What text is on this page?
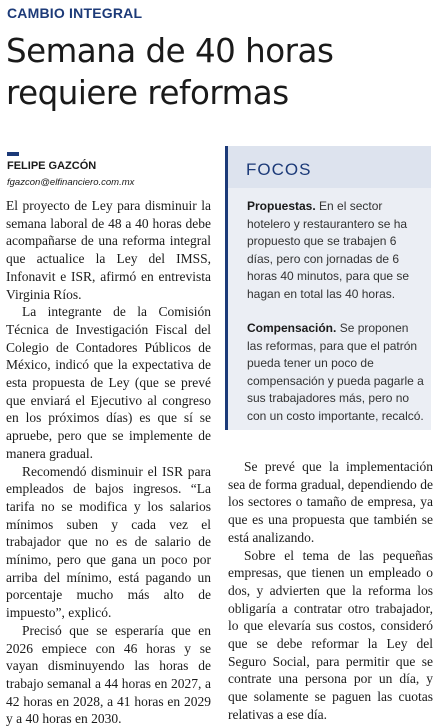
CAMBIO INTEGRAL
Semana de 40 horas requiere reformas
FELIPE GAZCÓN
fgazcon@elfinanciero.com.mx

El proyecto de Ley para disminuir la semana laboral de 48 a 40 horas debe acompañarse de una reforma integral que actualice la Ley del IMSS, Infonavit e ISR, afirmó en entrevista Virginia Ríos.

La integrante de la Comisión Técnica de Investigación Fiscal del Colegio de Contadores Públicos de México, indicó que la expectativa de esta propuesta de Ley (que se prevé que enviará el Ejecutivo al congreso en los próximos días) es que sí se apruebe, pero que se implemente de manera gradual.

Recomendó disminuir el ISR para empleados de bajos ingresos. “La tarifa no se modifica y los salarios mínimos suben y cada vez el trabajador que no es de salario de mínimo, pero que gana un poco por arriba del mínimo, está pagando un porcentaje mucho más alto de impuesto”, explicó.

Precisó que se esperaría que en 2026 empiece con 46 horas y se vayan disminuyendo las horas de trabajo semanal a 44 horas en 2027, a 42 horas en 2028, a 41 horas en 2029 y a 40 horas en 2030.

FOCOS

Propuestas. En el sector hotelero y restaurantero se ha propuesto que se trabajen 6 días, pero con jornadas de 6 horas 40 minutos, para que se hagan en total las 40 horas.

Compensación. Se proponen las reformas, para que el patrón pueda tener un poco de compensación y pueda pagarle a sus trabajadores más, pero no con un costo importante, recalcó.

Se prevé que la implementación sea de forma gradual, dependiendo de los sectores o tamaño de empresa, ya que es una propuesta que también se está analizando.

Sobre el tema de las pequeñas empresas, que tienen un empleado o dos, y advierten que la reforma los obligaría a contratar otro trabajador, lo que elevaría sus costos, consideró que se debe reformar la Ley del Seguro Social, para permitir que se contrate una persona por un día, y que solamente se paguen las cuotas relativas a ese día.
